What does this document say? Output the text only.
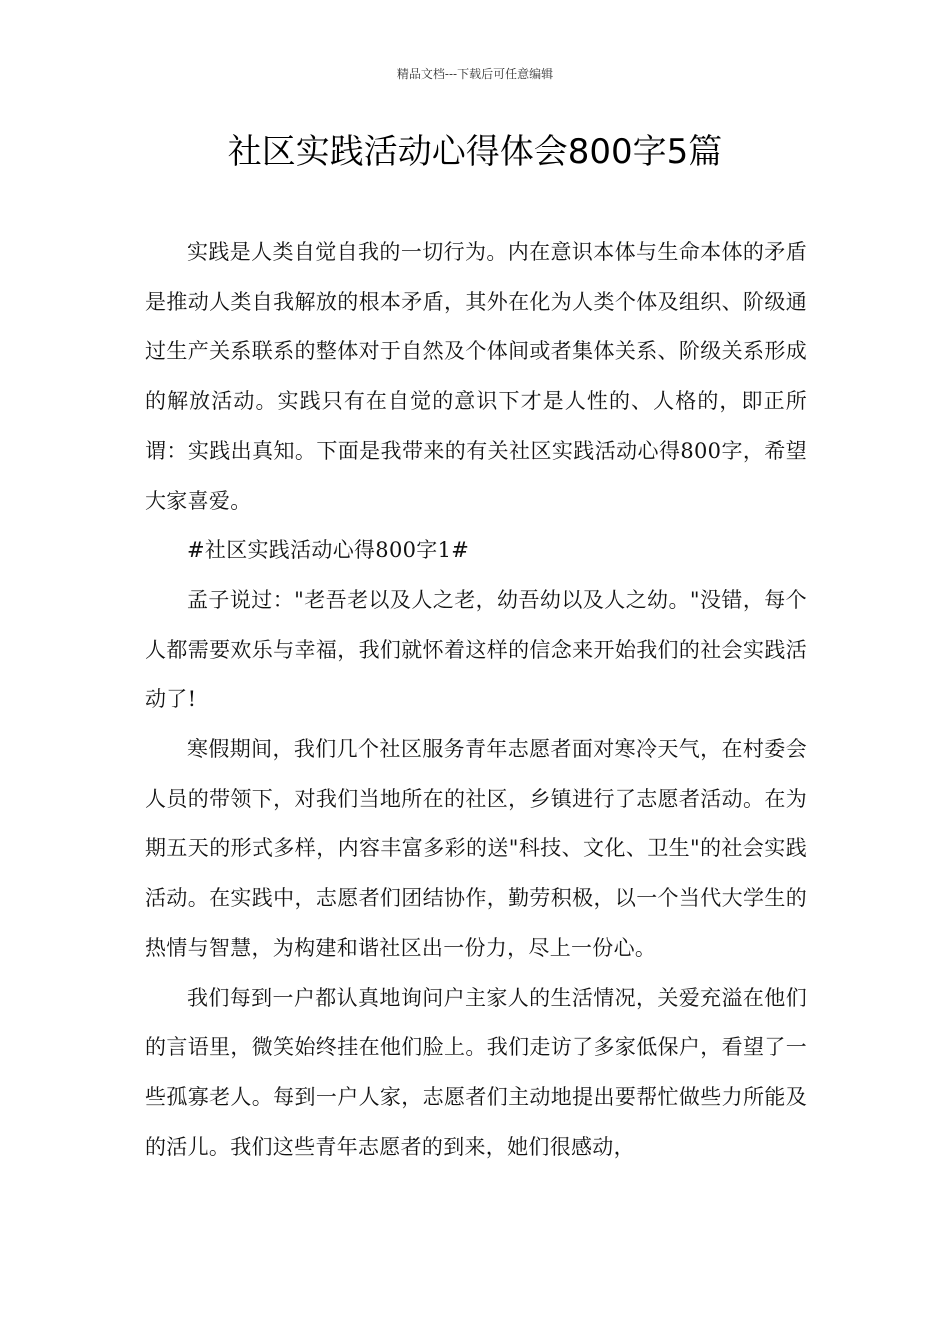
精品文档---下载后可任意编辑
社区实践活动心得体会800字5篇

实践是人类自觉自我的一切行为。内在意识本体与生命本体的矛盾是推动人类自我解放的根本矛盾，其外在化为人类个体及组织、阶级通过生产关系联系的整体对于自然及个体间或者集体关系、阶级关系形成的解放活动。实践只有在自觉的意识下才是人性的、人格的，即正所谓：实践出真知。下面是我带来的有关社区实践活动心得800字，希望大家喜爱。

#社区实践活动心得800字1#

孟子说过："老吾老以及人之老，幼吾幼以及人之幼。"没错，每个人都需要欢乐与幸福，我们就怀着这样的信念来开始我们的社会实践活动了!

寒假期间，我们几个社区服务青年志愿者面对寒冷天气，在村委会人员的带领下，对我们当地所在的社区，乡镇进行了志愿者活动。在为期五天的形式多样，内容丰富多彩的送"科技、文化、卫生"的社会实践活动。在实践中，志愿者们团结协作，勤劳积极，以一个当代大学生的热情与智慧，为构建和谐社区出一份力，尽上一份心。

我们每到一户都认真地询问户主家人的生活情况，关爱充溢在他们的言语里，微笑始终挂在他们脸上。我们走访了多家低保户，看望了一些孤寡老人。每到一户人家，志愿者们主动地提出要帮忙做些力所能及的活儿。我们这些青年志愿者的到来，她们很感动，
